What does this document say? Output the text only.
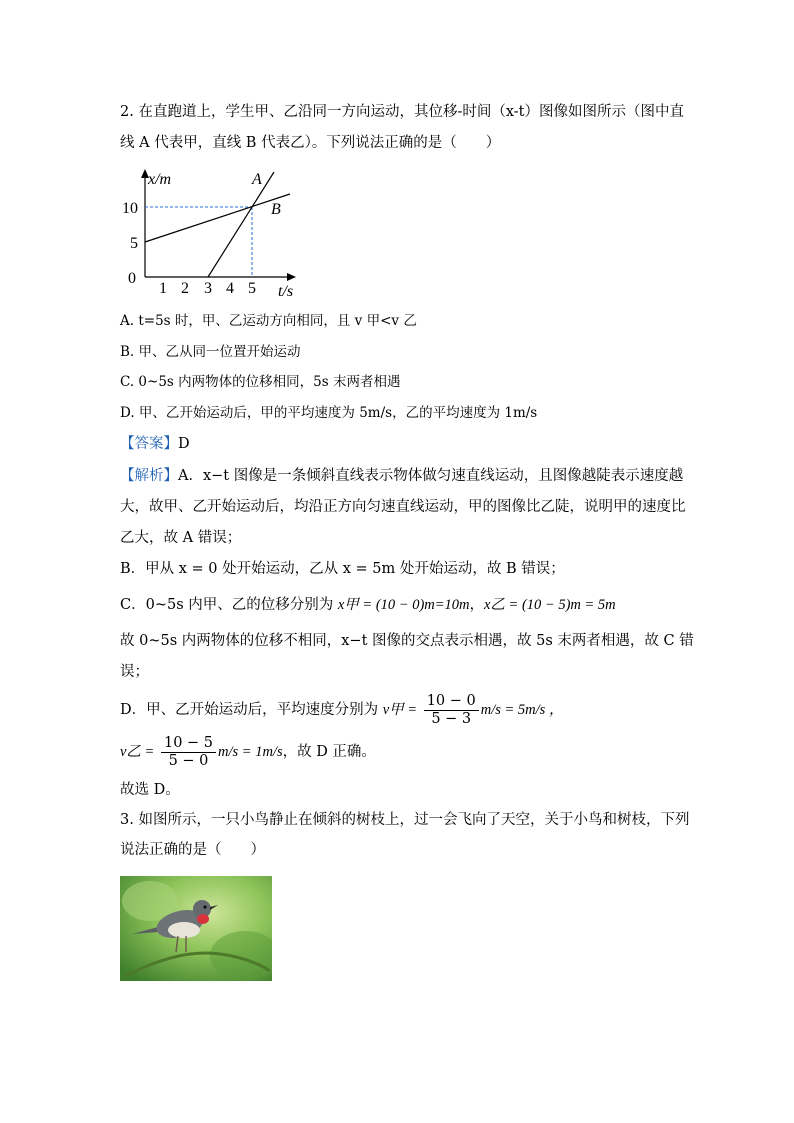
2. 在直跑道上，学生甲、乙沿同一方向运动，其位移-时间（x-t）图像如图所示（图中直
线 A 代表甲，直线 B 代表乙）。下列说法正确的是（　　）
x/m
t/s
A
B
0
5
10
1 2 3 4 5
A. t=5s 时，甲、乙运动方向相同，且 v 甲<v 乙
B. 甲、乙从同一位置开始运动
C. 0~5s 内两物体的位移相同，5s 末两者相遇
D. 甲、乙开始运动后，甲的平均速度为 5m/s，乙的平均速度为 1m/s
【答案】D
【解析】A．x−t 图像是一条倾斜直线表示物体做匀速直线运动，且图像越陡表示速度越
大，故甲、乙开始运动后，均沿正方向匀速直线运动，甲的图像比乙陡，说明甲的速度比
乙大，故 A 错误；
B．甲从 x = 0 处开始运动，乙从 x = 5m 处开始运动，故 B 错误；
C．0~5s 内甲、乙的位移分别为 x甲 = (10 − 0)m=10m，x乙 = (10 − 5)m = 5m
故 0~5s 内两物体的位移不相同，x−t 图像的交点表示相遇，故 5s 末两者相遇，故 C 错
误；
D．甲、乙开始运动后，平均速度分别为 v甲 = $\frac{10 - 0}{5 - 3} m/s = 5m/s$ ，
v乙 = $\frac{10 - 5}{5 - 0} m/s = 1m/s$，故 D 正确。
故选 D。
3. 如图所示，一只小鸟静止在倾斜的树枝上，过一会飞向了天空，关于小鸟和树枝，下列
说法正确的是（　　）
